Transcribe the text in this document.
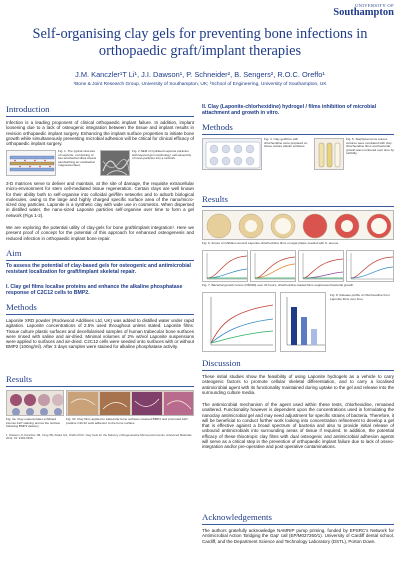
UNIVERSITY OF
Southampton
Self-organising clay gels for preventing bone infections in orthopaedic graft/implant therapies
J.M. Kanczler¹T Li¹, J.I. Dawson¹, P. Schneider², B. Sengers², R.O.C. Oreffo¹
¹Bone & Joint Research Group, University of Southampton, UK; ²School of Engineering, University of Southampton, UK
Introduction
Infection is a leading proponent of clinical orthopaedic implant failure. In addition, implant loosening due to a lack of osteogenic integration between the tissue and implant results in revision orthopaedic implant surgery. Enhancing the implant surface properties to initiate bone growth while simultaneously preventing microbial adhesion will be critical for clinical efficacy of orthopaedic implant surgery.
Fig. 1. The typical structure of Laponite, comprising of two tetrahedral silica sheets sandwiching an octahedral magnesia sheet.
Fig. 2 SEM of hydrated Laponite particles with layered gel morphology; self-assembly of nano-particles into a network.
3-D matrices serve to deliver and maintain, at the site of damage, the requisite extracellular micro-environment for stem cell-mediated tissue regeneration. Certain clays are well known for their ability both to self-organise into colloidal gel/film networks and to adsorb biological molecules, owing to the large and highly charged specific surface area of the nano/micro-sized clay particles. Laponite is a synthetic clay with wide use in cosmetics. When dispersed in distilled water, the nano-sized Laponite particles self-organise over time to form a gel network (Figs 1-2).
We are exploring the potential utility of clay-gels for bone graft/implant integration¹. Here we present proof of concept for the potential of this approach for enhanced osteogenesis and reduced infection in orthopaedic implant bone repair.
Aim
To assess the potential of clay-based gels for osteogenic and antimicrobial resistant localization for graft/implant skeletal repair.
I. Clay gel films localise proteins and enhance the alkaline phosphatase response of C2C12 cells to BMP2.
Methods
Laponite XRD powder (Rockwood Additives Ltd, UK) was added to distilled water under rapid agitation. Laponite concentrations of 2.5% used throughout unless stated. Laponite films: Tissue culture plastic surfaces and decellularised samples of human trabecular bone surfaces were rinsed with saline and air-dried. Minimal volumes of 2% wt/vol Laponite suspensions were applied to surfaces and air-dried. C2C12 cells were seeded onto surfaces with or without BMP2 (100ng/ml). After 3 days samples were stained for alkaline phosphatase activity.
Results
Fig. 3a. Clay-coated plates exhibited intense ALP staining across the surface following BMP2 delivery.
Fig. 3b. Clay films applied to trabecular bone surfaces retained BMP2 and promoted ALP-positive C2C12 cells adherent to the bone surface.
1. Dawson JI, Kanczler JM, Yang XB, Attard GS, Oreffo ROC. Clay Gels for the Delivery of Regenerative Microenvironments. Advanced Materials 2011; 23: 3304-3308.
II. Clay (Laponite-chlorhexidine) hydrogel / films inhibition of microbial attachment and growth in vitro.
Methods
Fig. 4. Clay gel/films with chlorhexidine were prepared on tissue culture plastic surfaces.
Fig. 5. Staphylococcus aureus cultures were incubated with clay-chlorhexidine films and bacterial growth was monitored over time by turbidity.
Results
Fig. 6. Zones of inhibition around Laponite-chlorhexidine films on agar plates seeded with S. aureus.
Fig. 7. Bacterial growth curves (OD600) over 24 hours; chlorhexidine-loaded films suppressed bacterial growth.
Fig. 8. Release profile of chlorhexidine from Laponite films over time.
Discussion
These initial studies show the feasibility of using Laponite hydrogels as a vehicle to carry osteogenic factors to promote cellular skeletal differentiation, and to carry a localised antimicrobial agent with its functionality maintained during uptake to the gel and release into the surrounding culture media.
The antimicrobial mechanism of the agent used within these tests, chlorhexidine, remained unaltered. Functionality however is dependent upon the concentrations used in formulating the nanoclay antimicrobial gel and may need adjustment for specific strains of bacteria. Therefore, it will be beneficial to conduct further work looking into concentration refinement to develop a gel that is effective against a broad spectrum of bacteria and also to provide initial release of unbound antimicrobials into surrounding areas of tissue if required. In addition, the potential efficacy of these thixotropic clay films with dual osteogenic and antimicrobial adhesion agents will serve as a critical step in the prevention of orthopaedic implant failure due to lack of osseo-integration and/or pre-operative and post operative contaminations.
Acknowledgements
The authors gratefully acknowledge NAMRIP pump priming, funded by EPSRC's Network for Antimicrobial Action 'Bridging the Gap' call (EP/M027260/1). University of Cardiff dental school, Cardiff, and the Department Science and Technology Laboratory (DSTL), Porton Down.
